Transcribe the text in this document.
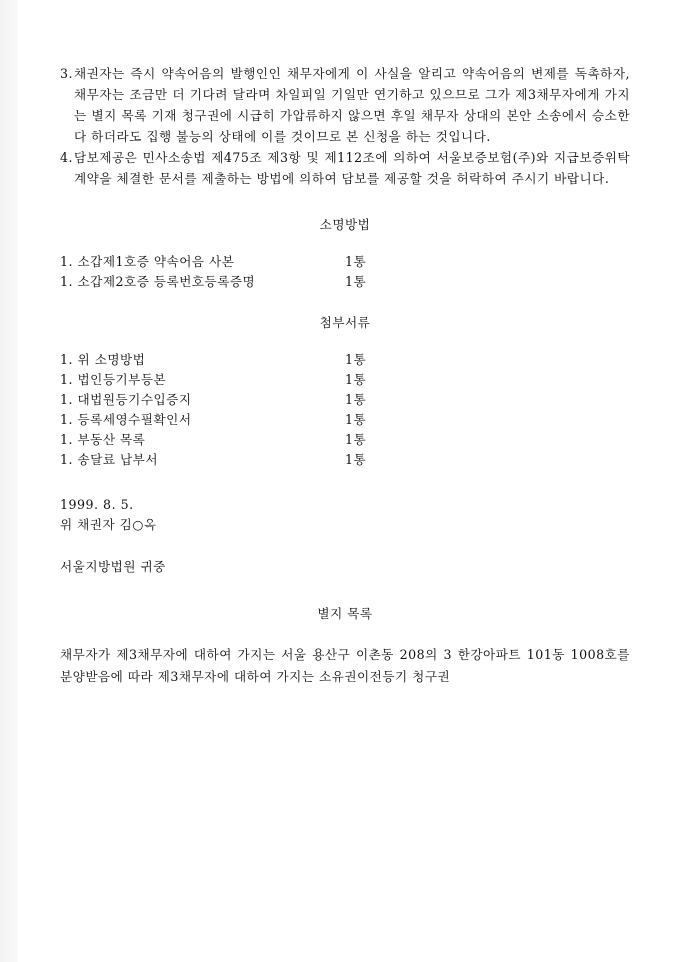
3. 채권자는 즉시 약속어음의 발행인인 채무자에게 이 사실을 알리고 약속어음의 변제를 독촉하자, 채무자는 조금만 더 기다려 달라며 차일피일 기일만 연기하고 있으므로 그가 제3채무자에게 가지는 별지 목록 기재 청구권에 시급히 가압류하지 않으면 후일 채무자 상대의 본안 소송에서 승소한다 하더라도 집행 불능의 상태에 이를 것이므로 본 신청을 하는 것입니다.
4. 담보제공은 민사소송법 제475조 제3항 및 제112조에 의하여 서울보증보험(주)와 지급보증위탁계약을 체결한 문서를 제출하는 방법에 의하여 담보를 제공할 것을 허락하여 주시기 바랍니다.
소명방법
1. 소갑제1호증 약속어음 사본	1통
1. 소갑제2호증 등록번호등록증명	1통
첨부서류
1. 위 소명방법	1통
1. 법인등기부등본	1통
1. 대법원등기수입증지	1통
1. 등록세영수필확인서	1통
1. 부동산 목록	1통
1. 송달료 납부서	1통
1999. 8. 5.
위 채권자 김○옥
서울지방법원 귀중
별지 목록
채무자가 제3채무자에 대하여 가지는 서울 용산구 이촌동 208의 3 한강아파트 101동 1008호를 분양받음에 따라 제3채무자에 대하여 가지는 소유권이전등기 청구권
